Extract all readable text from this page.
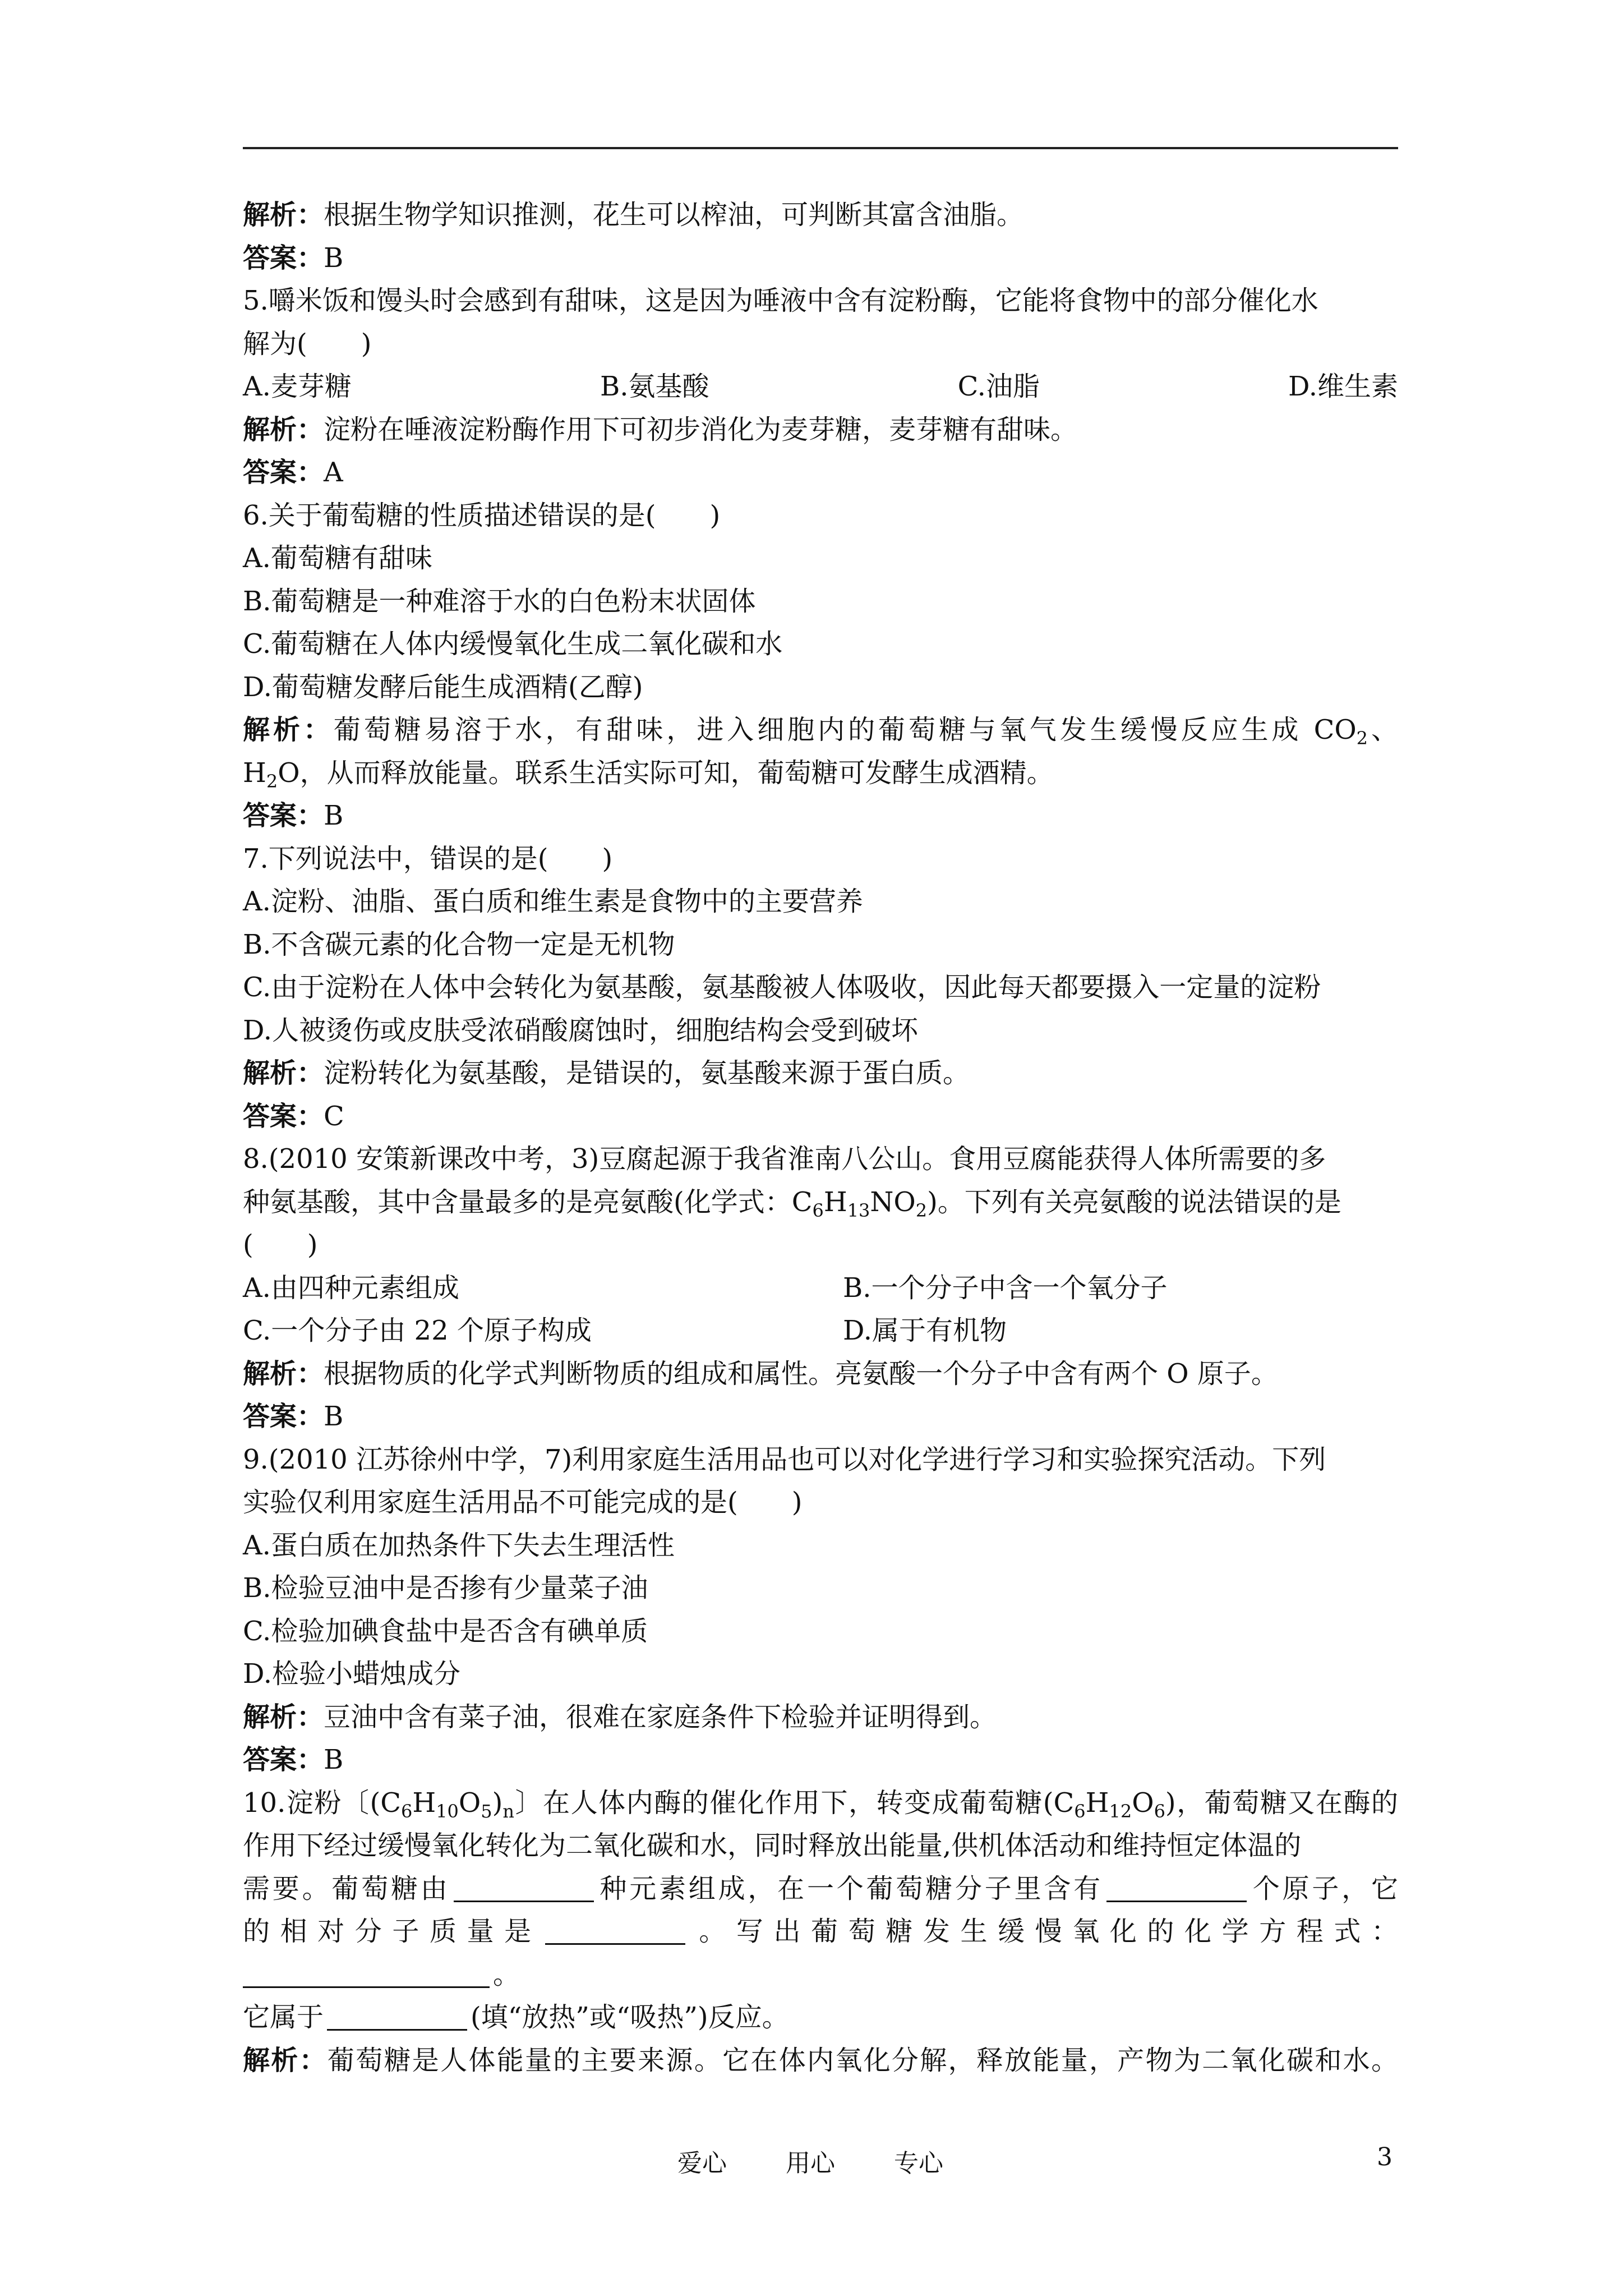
解析：根据生物学知识推测，花生可以榨油，可判断其富含油脂。
答案：B
5.嚼米饭和馒头时会感到有甜味，这是因为唾液中含有淀粉酶，它能将食物中的部分催化水
解为(　　)
A.麦芽糖	B.氨基酸	C.油脂	D.维生素
解析：淀粉在唾液淀粉酶作用下可初步消化为麦芽糖，麦芽糖有甜味。
答案：A
6.关于葡萄糖的性质描述错误的是(　　)
A.葡萄糖有甜味
B.葡萄糖是一种难溶于水的白色粉末状固体
C.葡萄糖在人体内缓慢氧化生成二氧化碳和水
D.葡萄糖发酵后能生成酒精(乙醇)
解析：葡萄糖易溶于水，有甜味，进入细胞内的葡萄糖与氧气发生缓慢反应生成 $CO_2$、
$H_2O$，从而释放能量。联系生活实际可知，葡萄糖可发酵生成酒精。
答案：B
7.下列说法中，错误的是(　　)
A.淀粉、油脂、蛋白质和维生素是食物中的主要营养
B.不含碳元素的化合物一定是无机物
C.由于淀粉在人体中会转化为氨基酸，氨基酸被人体吸收，因此每天都要摄入一定量的淀粉
D.人被烫伤或皮肤受浓硝酸腐蚀时，细胞结构会受到破坏
解析：淀粉转化为氨基酸，是错误的，氨基酸来源于蛋白质。
答案：C
8.(2010 安策新课改中考，3)豆腐起源于我省淮南八公山。食用豆腐能获得人体所需要的多
种氨基酸，其中含量最多的是亮氨酸(化学式：$C_6H_{13}NO_2$)。下列有关亮氨酸的说法错误的是
(　　)
A.由四种元素组成	B.一个分子中含一个氧分子
C.一个分子由 22 个原子构成	D.属于有机物
解析：根据物质的化学式判断物质的组成和属性。亮氨酸一个分子中含有两个 O 原子。
答案：B
9.(2010 江苏徐州中学，7)利用家庭生活用品也可以对化学进行学习和实验探究活动。下列
实验仅利用家庭生活用品不可能完成的是(　　)
A.蛋白质在加热条件下失去生理活性
B.检验豆油中是否掺有少量菜子油
C.检验加碘食盐中是否含有碘单质
D.检验小蜡烛成分
解析：豆油中含有菜子油，很难在家庭条件下检验并证明得到。
答案：B
10.淀粉〔$(C_6H_{10}O_5)_n$〕在人体内酶的催化作用下，转变成葡萄糖$(C_6H_{12}O_6)$，葡萄糖又在酶的
作用下经过缓慢氧化转化为二氧化碳和水，同时释放出能量,供机体活动和维持恒定体温的
需要。葡萄糖由	种元素组成，在一个葡萄糖分子里含有	个原子，它
的相对分子质量是	。写出葡萄糖发生缓慢氧化的化学方程式：
。
它属于	(填“放热”或“吸热”)反应。
解析：葡萄糖是人体能量的主要来源。它在体内氧化分解，释放能量，产物为二氧化碳和水。
爱心 用心 专心	3
